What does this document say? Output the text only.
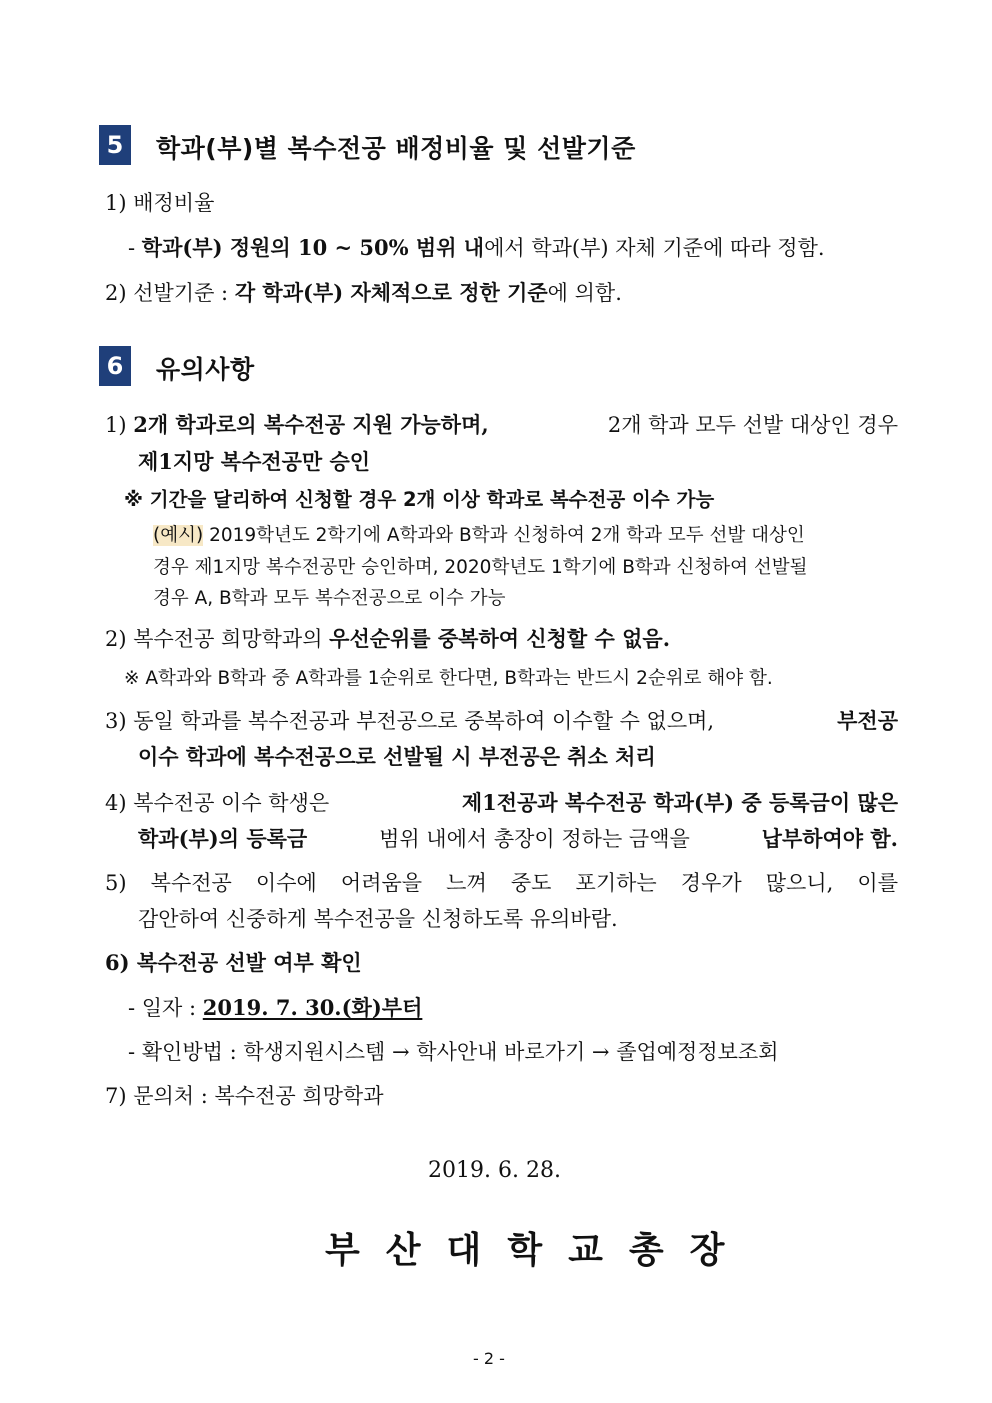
5	학과(부)별 복수전공 배정비율 및 선발기준
1) 배정비율
- 학과(부) 정원의 10 ~ 50% 범위 내에서 학과(부) 자체 기준에 따라 정함.
2) 선발기준 : 각 학과(부) 자체적으로 정한 기준에 의함.
6	유의사항
1) 2개 학과로의 복수전공 지원 가능하며,	2개 학과 모두 선발 대상인 경우
제1지망 복수전공만 승인
※ 기간을 달리하여 신청할 경우 2개 이상 학과로 복수전공 이수 가능
(예시) 2019학년도 2학기에 A학과와 B학과 신청하여 2개 학과 모두 선발 대상인
경우 제1지망 복수전공만 승인하며, 2020학년도 1학기에 B학과 신청하여 선발될
경우 A, B학과 모두 복수전공으로 이수 가능
2) 복수전공 희망학과의 우선순위를 중복하여 신청할 수 없음.
※ A학과와 B학과 중 A학과를 1순위로 한다면, B학과는 반드시 2순위로 해야 함.
3) 동일 학과를 복수전공과 부전공으로 중복하여 이수할 수 없으며,	부전공
이수 학과에 복수전공으로 선발될 시 부전공은 취소 처리
4) 복수전공 이수 학생은	제1전공과 복수전공 학과(부) 중 등록금이 많은
학과(부)의 등록금	범위 내에서 총장이 정하는 금액을	납부하여야 함.
5) 복수전공 이수에 어려움을 느껴 중도 포기하는 경우가 많으니, 이를
감안하여 신중하게 복수전공을 신청하도록 유의바람.
6) 복수전공 선발 여부 확인
- 일자 : 2019. 7. 30.(화)부터
- 확인방법 : 학생지원시스템 → 학사안내 바로가기 → 졸업예정정보조회
7) 문의처 : 복수전공 희망학과
2019. 6. 28.
부산대학교총장
- 2 -
